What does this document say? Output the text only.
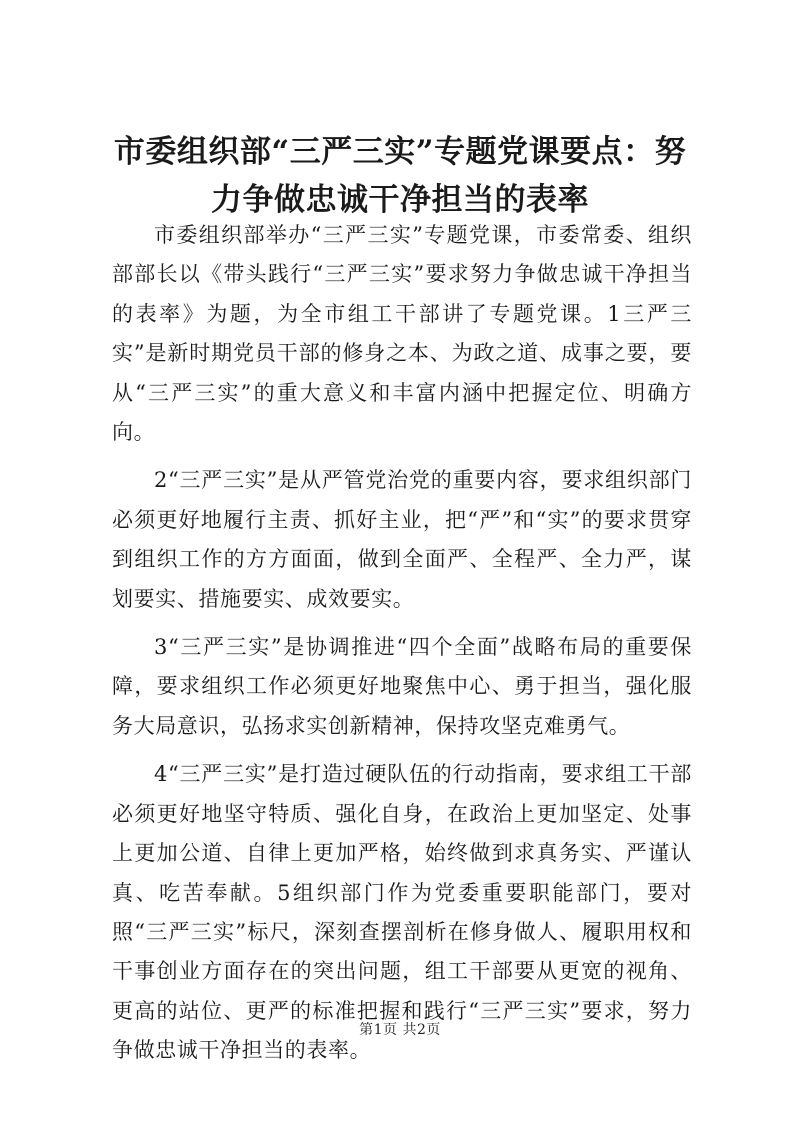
市委组织部“三严三实”专题党课要点：努力争做忠诚干净担当的表率

市委组织部举办“三严三实”专题党课，市委常委、组织部部长以《带头践行“三严三实”要求努力争做忠诚干净担当的表率》为题，为全市组工干部讲了专题党课。1三严三实”是新时期党员干部的修身之本、为政之道、成事之要，要从“三严三实”的重大意义和丰富内涵中把握定位、明确方向。

2“三严三实”是从严管党治党的重要内容，要求组织部门必须更好地履行主责、抓好主业，把“严”和“实”的要求贯穿到组织工作的方方面面，做到全面严、全程严、全力严，谋划要实、措施要实、成效要实。

3“三严三实”是协调推进“四个全面”战略布局的重要保障，要求组织工作必须更好地聚焦中心、勇于担当，强化服务大局意识，弘扬求实创新精神，保持攻坚克难勇气。

4“三严三实”是打造过硬队伍的行动指南，要求组工干部必须更好地坚守特质、强化自身，在政治上更加坚定、处事上更加公道、自律上更加严格，始终做到求真务实、严谨认真、吃苦奉献。5组织部门作为党委重要职能部门，要对照“三严三实”标尺，深刻查摆剖析在修身做人、履职用权和干事创业方面存在的突出问题，组工干部要从更宽的视角、更高的站位、更严的标准把握和践行“三严三实”要求，努力争做忠诚干净担当的表率。

第1页 共2页
